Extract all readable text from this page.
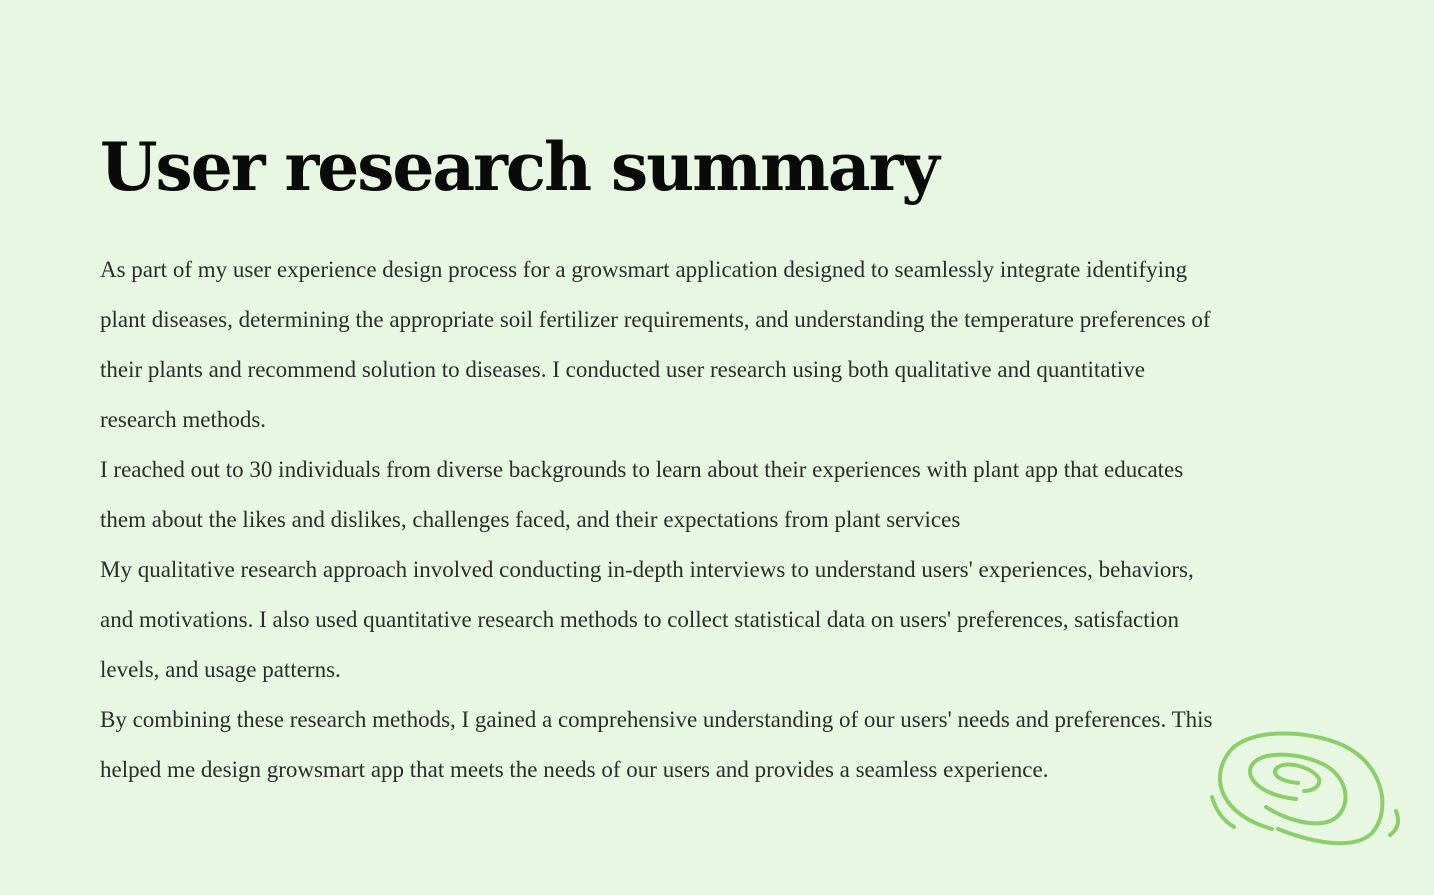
User research summary

As part of my user experience design process for a growsmart application designed to seamlessly integrate identifying plant diseases, determining the appropriate soil fertilizer requirements, and understanding the temperature preferences of their plants and recommend solution to diseases. I conducted user research using both qualitative and quantitative research methods.

I reached out to 30 individuals from diverse backgrounds to learn about their experiences with plant app that educates them about the likes and dislikes, challenges faced, and their expectations from plant services

My qualitative research approach involved conducting in-depth interviews to understand users' experiences, behaviors, and motivations. I also used quantitative research methods to collect statistical data on users' preferences, satisfaction levels, and usage patterns.

By combining these research methods, I gained a comprehensive understanding of our users' needs and preferences. This helped me design growsmart app that meets the needs of our users and provides a seamless experience.
